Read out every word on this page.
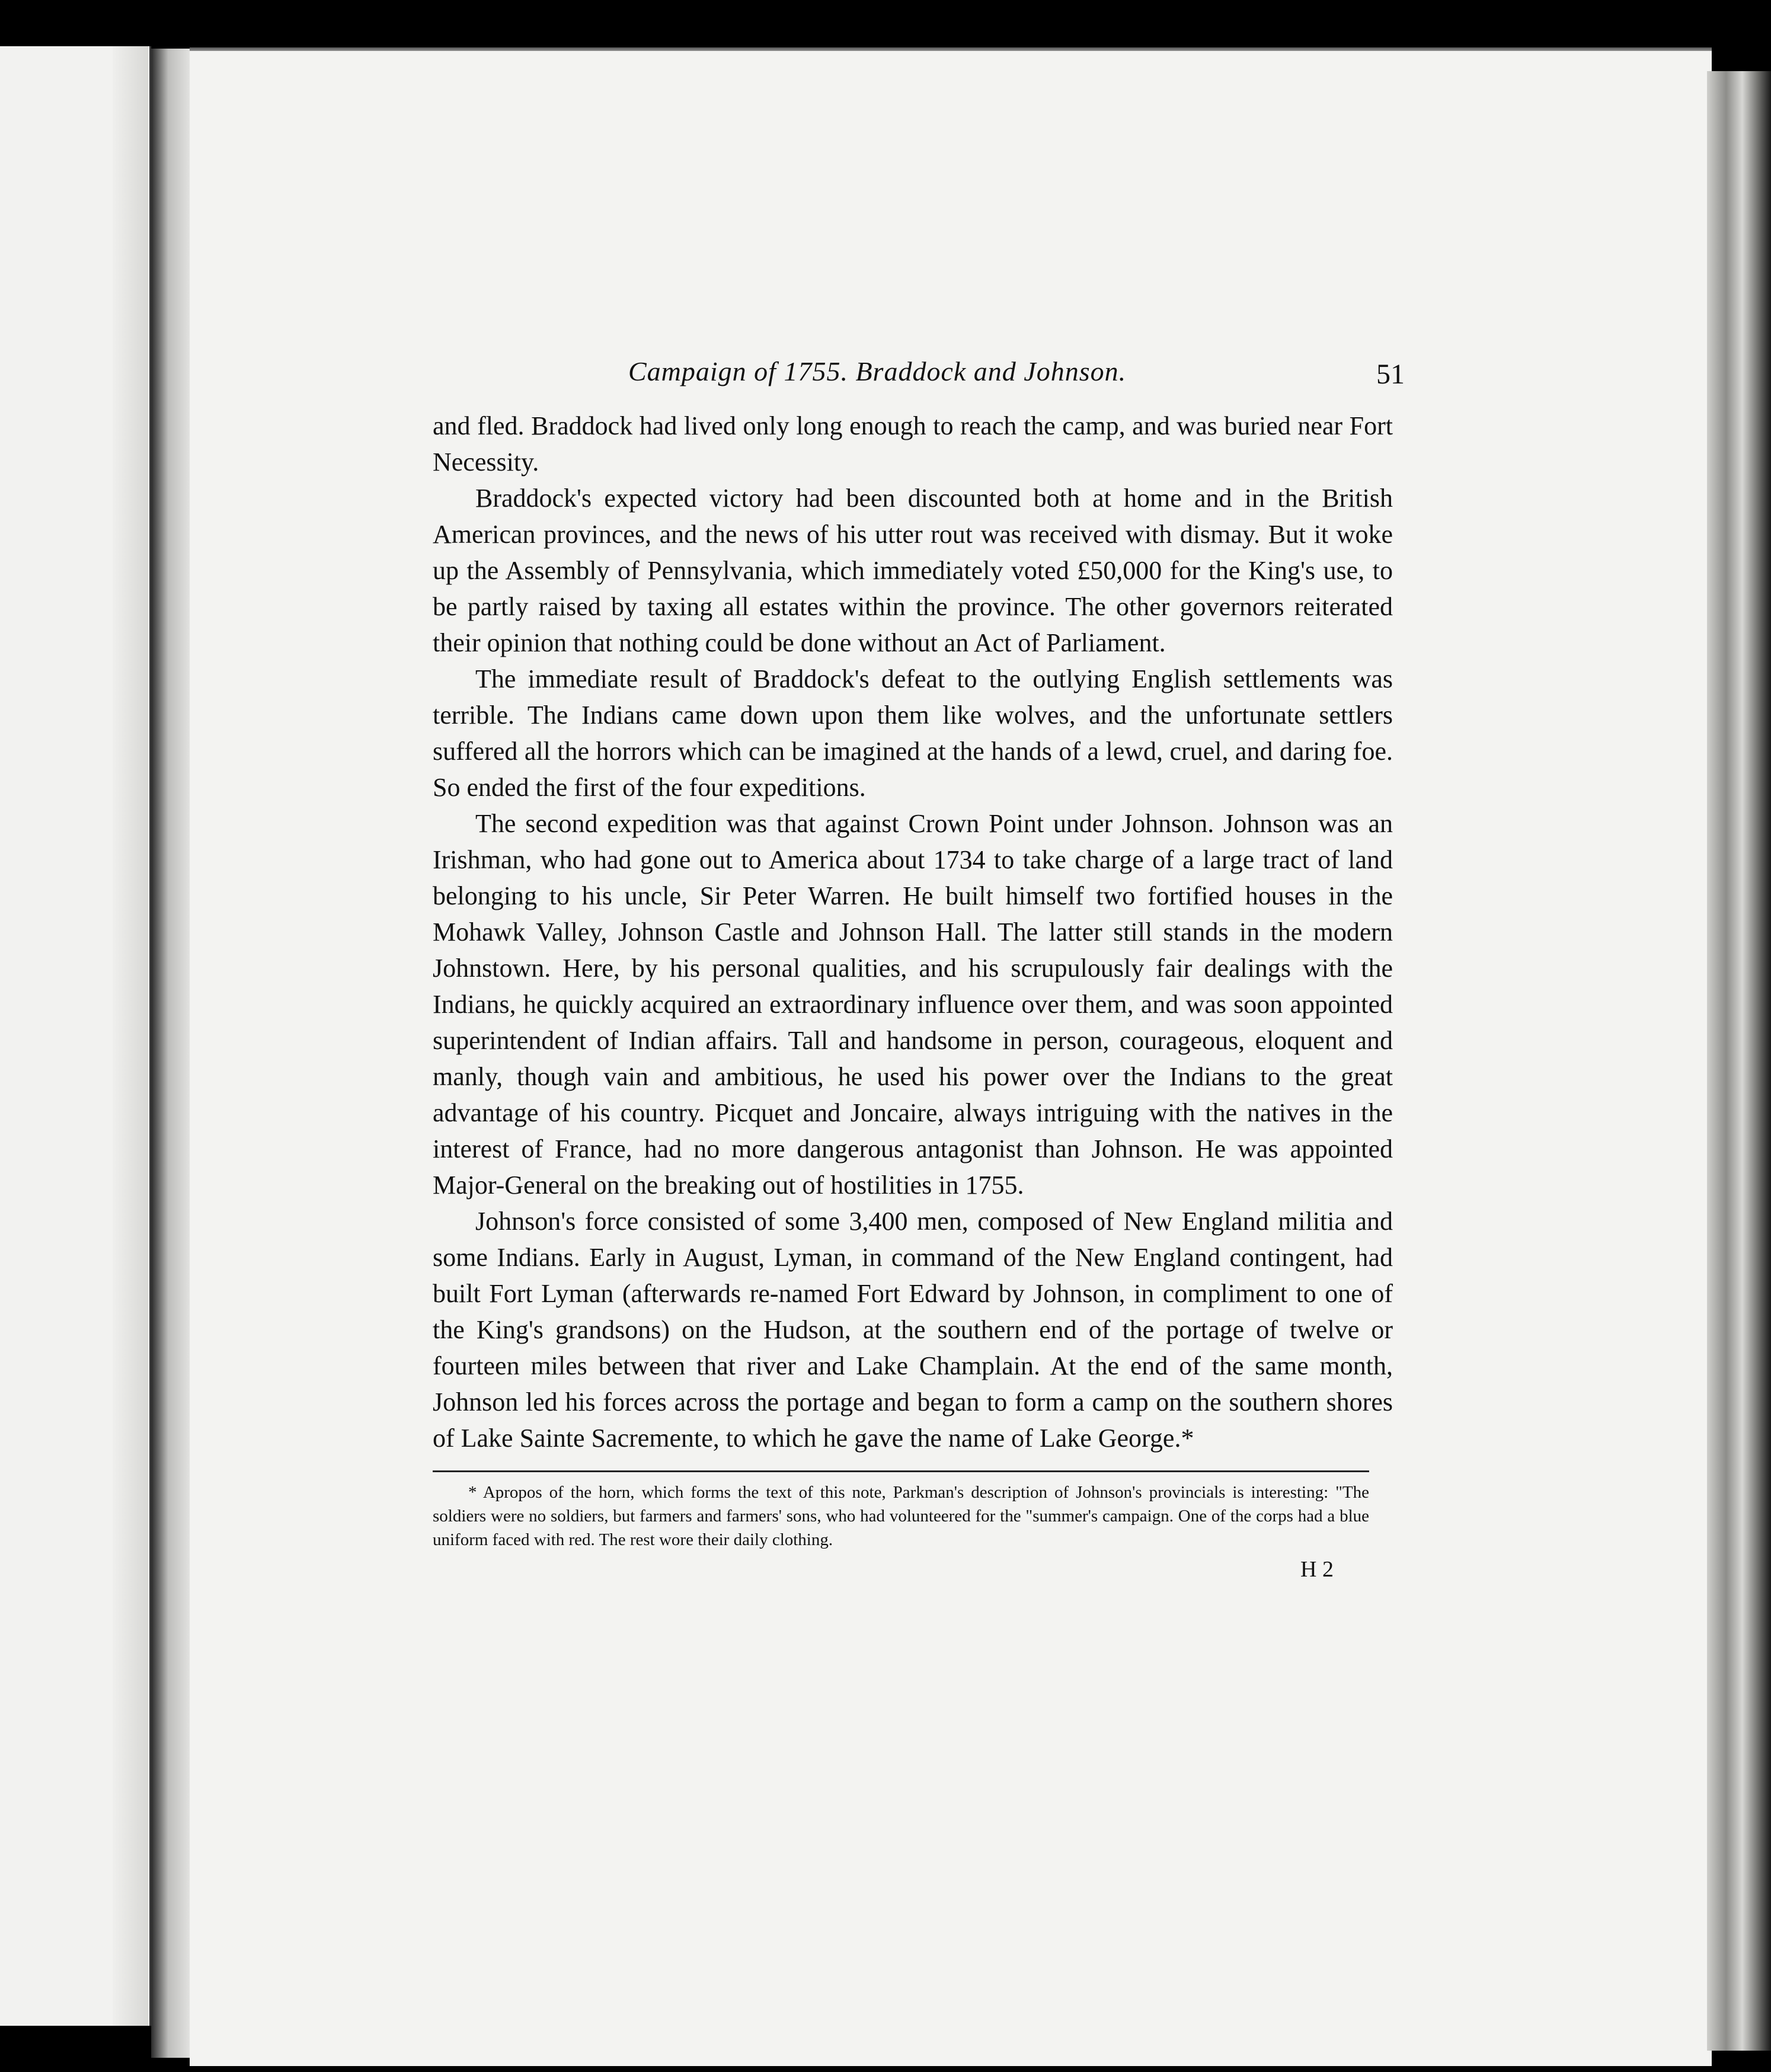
Campaign of 1755. Braddock and Johnson.	51

and fled. Braddock had lived only long enough to reach the camp, and was buried near Fort Necessity.

Braddock's expected victory had been discounted both at home and in the British American provinces, and the news of his utter rout was received with dismay. But it woke up the Assembly of Pennsylvania, which immediately voted £50,000 for the King's use, to be partly raised by taxing all estates within the province. The other governors reiterated their opinion that nothing could be done without an Act of Parliament.

The immediate result of Braddock's defeat to the outlying English settlements was terrible. The Indians came down upon them like wolves, and the unfortunate settlers suffered all the horrors which can be imagined at the hands of a lewd, cruel, and daring foe. So ended the first of the four expeditions.

The second expedition was that against Crown Point under Johnson. Johnson was an Irishman, who had gone out to America about 1734 to take charge of a large tract of land belonging to his uncle, Sir Peter Warren. He built himself two fortified houses in the Mohawk Valley, Johnson Castle and Johnson Hall. The latter still stands in the modern Johnstown. Here, by his personal qualities, and his scrupulously fair dealings with the Indians, he quickly acquired an extraordinary influence over them, and was soon appointed superintendent of Indian affairs. Tall and handsome in person, courageous, eloquent and manly, though vain and ambitious, he used his power over the Indians to the great advantage of his country. Picquet and Joncaire, always intriguing with the natives in the interest of France, had no more dangerous antagonist than Johnson. He was appointed Major-General on the breaking out of hostilities in 1755.

Johnson's force consisted of some 3,400 men, composed of New England militia and some Indians. Early in August, Lyman, in command of the New England contingent, had built Fort Lyman (afterwards re-named Fort Edward by Johnson, in compliment to one of the King's grandsons) on the Hudson, at the southern end of the portage of twelve or fourteen miles between that river and Lake Champlain. At the end of the same month, Johnson led his forces across the portage and began to form a camp on the southern shores of Lake Sainte Sacremente, to which he gave the name of Lake George.*

* Apropos of the horn, which forms the text of this note, Parkman's description of Johnson's provincials is interesting: "The soldiers were no soldiers, but farmers and farmers' sons, who had volunteered for the "summer's campaign. One of the corps had a blue uniform faced with red. The rest wore their daily clothing.
H 2
